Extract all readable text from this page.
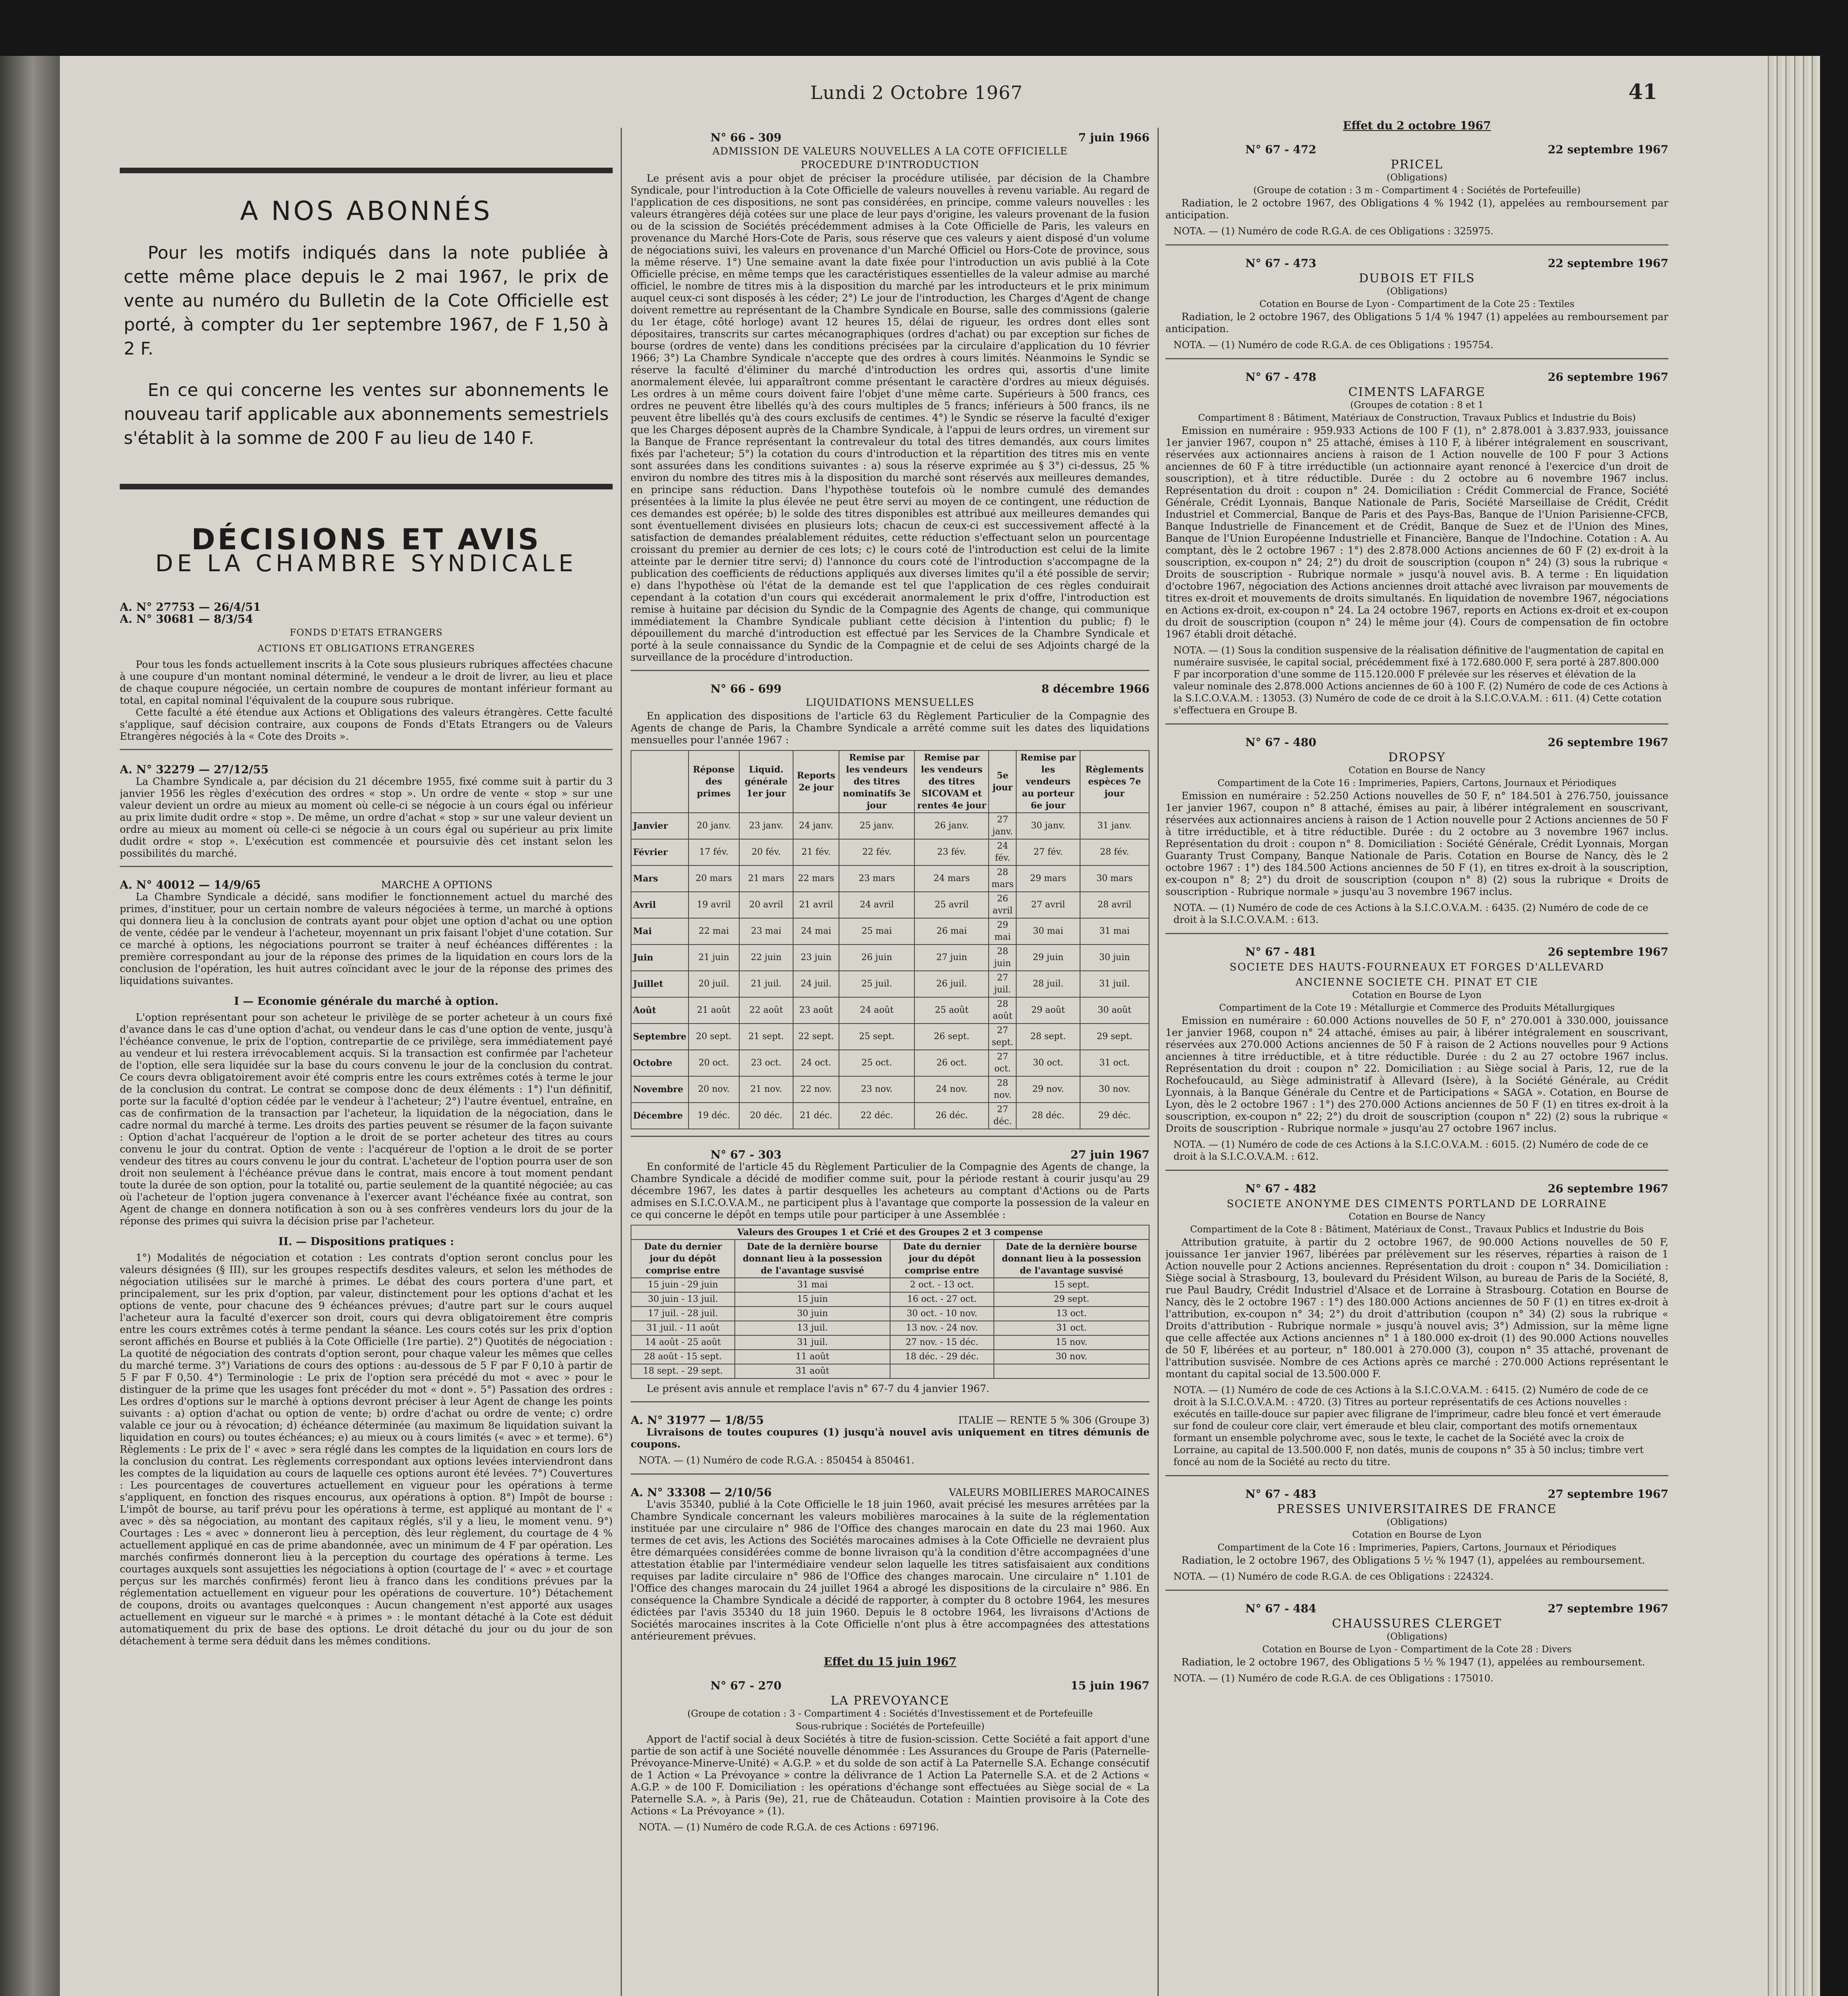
Lundi 2 Octobre 1967	41
A NOS ABONNÉS

Pour les motifs indiqués dans la note publiée à cette même place depuis le 2 mai 1967, le prix de vente au numéro du Bulletin de la Cote Officielle est porté, à compter du 1er septembre 1967, de F 1,50 à 2 F.

En ce qui concerne les ventes sur abonnements le nouveau tarif applicable aux abonnements semestriels s'établit à la somme de 200 F au lieu de 140 F.

DÉCISIONS ET AVIS
DE LA CHAMBRE SYNDICALE
A. N° 27753 — 26/4/51
A. N° 30681 — 8/3/54
FONDS D'ETATS ETRANGERS
ACTIONS ET OBLIGATIONS ETRANGERES

Pour tous les fonds actuellement inscrits à la Cote sous plusieurs rubriques affectées chacune à une coupure d'un montant nominal déterminé, le vendeur a le droit de livrer, au lieu et place de chaque coupure négociée, un certain nombre de coupures de montant inférieur formant au total, en capital nominal l'équivalent de la coupure sous rubrique.

Cette faculté a été étendue aux Actions et Obligations des valeurs étrangères. Cette faculté s'applique, sauf décision contraire, aux coupons de Fonds d'Etats Etrangers ou de Valeurs Etrangères négociés à la « Cote des Droits ».

A. N° 32279 — 27/12/55

La Chambre Syndicale a, par décision du 21 décembre 1955, fixé comme suit à partir du 3 janvier 1956 les règles d'exécution des ordres « stop ». Un ordre de vente « stop » sur une valeur devient un ordre au mieux au moment où celle-ci se négocie à un cours égal ou inférieur au prix limite dudit ordre « stop ». De même, un ordre d'achat « stop » sur une valeur devient un ordre au mieux au moment où celle-ci se négocie à un cours égal ou supérieur au prix limite dudit ordre « stop ». L'exécution est commencée et poursuivie dès cet instant selon les possibilités du marché.

A. N° 40012 — 14/9/65	MARCHE A OPTIONS

La Chambre Syndicale a décidé, sans modifier le fonctionnement actuel du marché des primes, d'instituer, pour un certain nombre de valeurs négociées à terme, un marché à options qui donnera lieu à la conclusion de contrats ayant pour objet une option d'achat ou une option de vente, cédée par le vendeur à l'acheteur, moyennant un prix faisant l'objet d'une cotation. Sur ce marché à options, les négociations pourront se traiter à neuf échéances différentes : la première correspondant au jour de la réponse des primes de la liquidation en cours lors de la conclusion de l'opération, les huit autres coïncidant avec le jour de la réponse des primes des liquidations suivantes.

I — Economie générale du marché à option.

L'option représentant pour son acheteur le privilège de se porter acheteur à un cours fixé d'avance dans le cas d'une option d'achat, ou vendeur dans le cas d'une option de vente, jusqu'à l'échéance convenue, le prix de l'option, contrepartie de ce privilège, sera immédiatement payé au vendeur et lui restera irrévocablement acquis. Si la transaction est confirmée par l'acheteur de l'option, elle sera liquidée sur la base du cours convenu le jour de la conclusion du contrat. Ce cours devra obligatoirement avoir été compris entre les cours extrêmes cotés à terme le jour de la conclusion du contrat. Le contrat se compose donc de deux éléments : 1°) l'un définitif, porte sur la faculté d'option cédée par le vendeur à l'acheteur; 2°) l'autre éventuel, entraîne, en cas de confirmation de la transaction par l'acheteur, la liquidation de la négociation, dans le cadre normal du marché à terme. Les droits des parties peuvent se résumer de la façon suivante : Option d'achat l'acquéreur de l'option a le droit de se porter acheteur des titres au cours convenu le jour du contrat. Option de vente : l'acquéreur de l'option a le droit de se porter vendeur des titres au cours convenu le jour du contrat. L'acheteur de l'option pourra user de son droit non seulement à l'échéance prévue dans le contrat, mais encore à tout moment pendant toute la durée de son option, pour la totalité ou, partie seulement de la quantité négociée; au cas où l'acheteur de l'option jugera convenance à l'exercer avant l'échéance fixée au contrat, son Agent de change en donnera notification à son ou à ses confrères vendeurs lors du jour de la réponse des primes qui suivra la décision prise par l'acheteur.

II. — Dispositions pratiques :

1°) Modalités de négociation et cotation : Les contrats d'option seront conclus pour les valeurs désignées (§ III), sur les groupes respectifs desdites valeurs, et selon les méthodes de négociation utilisées sur le marché à primes. Le débat des cours portera d'une part, et principalement, sur les prix d'option, par valeur, distinctement pour les options d'achat et les options de vente, pour chacune des 9 échéances prévues; d'autre part sur le cours auquel l'acheteur aura la faculté d'exercer son droit, cours qui devra obligatoirement être compris entre les cours extrêmes cotés à terme pendant la séance. Les cours cotés sur les prix d'option seront affichés en Bourse et publiés à la Cote Officielle (1re partie). 2°) Quotités de négociation : La quotité de négociation des contrats d'option seront, pour chaque valeur les mêmes que celles du marché terme. 3°) Variations de cours des options : au-dessous de 5 F par F 0,10 à partir de 5 F par F 0,50. 4°) Terminologie : Le prix de l'option sera précédé du mot « avec » pour le distinguer de la prime que les usages font précéder du mot « dont ». 5°) Passation des ordres : Les ordres d'options sur le marché à options devront préciser à leur Agent de change les points suivants : a) option d'achat ou option de vente; b) ordre d'achat ou ordre de vente; c) ordre valable ce jour ou à révocation; d) échéance déterminée (au maximum 8e liquidation suivant la liquidation en cours) ou toutes échéances; e) au mieux ou à cours limités (« avec » et terme). 6°) Règlements : Le prix de l' « avec » sera réglé dans les comptes de la liquidation en cours lors de la conclusion du contrat. Les règlements correspondant aux options levées interviendront dans les comptes de la liquidation au cours de laquelle ces options auront été levées. 7°) Couvertures : Les pourcentages de couvertures actuellement en vigueur pour les opérations à terme s'appliquent, en fonction des risques encourus, aux opérations à option. 8°) Impôt de bourse : L'impôt de bourse, au tarif prévu pour les opérations à terme, est appliqué au montant de l' « avec » dès sa négociation, au montant des capitaux réglés, s'il y a lieu, le moment venu. 9°) Courtages : Les « avec » donneront lieu à perception, dès leur règlement, du courtage de 4 % actuellement appliqué en cas de prime abandonnée, avec un minimum de 4 F par opération. Les marchés confirmés donneront lieu à la perception du courtage des opérations à terme. Les courtages auxquels sont assujetties les négociations à option (courtage de l' « avec » et courtage perçus sur les marchés confirmés) feront lieu à franco dans les conditions prévues par la réglementation actuellement en vigueur pour les opérations de couverture. 10°) Détachement de coupons, droits ou avantages quelconques : Aucun changement n'est apporté aux usages actuellement en vigueur sur le marché « à primes » : le montant détaché à la Cote est déduit automatiquement du prix de base des options. Le droit détaché du jour ou du jour de son détachement à terme sera déduit dans les mêmes conditions.

N° 66 - 309	7 juin 1966
ADMISSION DE VALEURS NOUVELLES A LA COTE OFFICIELLE
PROCEDURE D'INTRODUCTION

Le présent avis a pour objet de préciser la procédure utilisée, par décision de la Chambre Syndicale, pour l'introduction à la Cote Officielle de valeurs nouvelles à revenu variable. Au regard de l'application de ces dispositions, ne sont pas considérées, en principe, comme valeurs nouvelles : les valeurs étrangères déjà cotées sur une place de leur pays d'origine, les valeurs provenant de la fusion ou de la scission de Sociétés précédemment admises à la Cote Officielle de Paris, les valeurs en provenance du Marché Hors-Cote de Paris, sous réserve que ces valeurs y aient disposé d'un volume de négociations suivi, les valeurs en provenance d'un Marché Officiel ou Hors-Cote de province, sous la même réserve. 1°) Une semaine avant la date fixée pour l'introduction un avis publié à la Cote Officielle précise, en même temps que les caractéristiques essentielles de la valeur admise au marché officiel, le nombre de titres mis à la disposition du marché par les introducteurs et le prix minimum auquel ceux-ci sont disposés à les céder; 2°) Le jour de l'introduction, les Charges d'Agent de change doivent remettre au représentant de la Chambre Syndicale en Bourse, salle des commissions (galerie du 1er étage, côté horloge) avant 12 heures 15, délai de rigueur, les ordres dont elles sont dépositaires, transcrits sur cartes mécanographiques (ordres d'achat) ou par exception sur fiches de bourse (ordres de vente) dans les conditions précisées par la circulaire d'application du 10 février 1966; 3°) La Chambre Syndicale n'accepte que des ordres à cours limités. Néanmoins le Syndic se réserve la faculté d'éliminer du marché d'introduction les ordres qui, assortis d'une limite anormalement élevée, lui apparaîtront comme présentant le caractère d'ordres au mieux déguisés. Les ordres à un même cours doivent faire l'objet d'une même carte. Supérieurs à 500 francs, ces ordres ne peuvent être libellés qu'à des cours multiples de 5 francs; inférieurs à 500 francs, ils ne peuvent être libellés qu'à des cours exclusifs de centimes. 4°) le Syndic se réserve la faculté d'exiger que les Charges déposent auprès de la Chambre Syndicale, à l'appui de leurs ordres, un virement sur la Banque de France représentant la contrevaleur du total des titres demandés, aux cours limites fixés par l'acheteur; 5°) la cotation du cours d'introduction et la répartition des titres mis en vente sont assurées dans les conditions suivantes : a) sous la réserve exprimée au § 3°) ci-dessus, 25 % environ du nombre des titres mis à la disposition du marché sont réservés aux meilleures demandes, en principe sans réduction. Dans l'hypothèse toutefois où le nombre cumulé des demandes présentées à la limite la plus élevée ne peut être servi au moyen de ce contingent, une réduction de ces demandes est opérée; b) le solde des titres disponibles est attribué aux meilleures demandes qui sont éventuellement divisées en plusieurs lots; chacun de ceux-ci est successivement affecté à la satisfaction de demandes préalablement réduites, cette réduction s'effectuant selon un pourcentage croissant du premier au dernier de ces lots; c) le cours coté de l'introduction est celui de la limite atteinte par le dernier titre servi; d) l'annonce du cours coté de l'introduction s'accompagne de la publication des coefficients de réductions appliqués aux diverses limites qu'il a été possible de servir; e) dans l'hypothèse où l'état de la demande est tel que l'application de ces règles conduirait cependant à la cotation d'un cours qui excéderait anormalement le prix d'offre, l'introduction est remise à huitaine par décision du Syndic de la Compagnie des Agents de change, qui communique immédiatement la Chambre Syndicale publiant cette décision à l'intention du public; f) le dépouillement du marché d'introduction est effectué par les Services de la Chambre Syndicale et porté à la seule connaissance du Syndic de la Compagnie et de celui de ses Adjoints chargé de la surveillance de la procédure d'introduction.

N° 66 - 699	8 décembre 1966
LIQUIDATIONS MENSUELLES

En application des dispositions de l'article 63 du Règlement Particulier de la Compagnie des Agents de change de Paris, la Chambre Syndicale a arrêté comme suit les dates des liquidations mensuelles pour l'année 1967 :

	Réponse des primes	Liquid. générale 1er jour	Reports 2e jour	Remise par les vendeurs des titres nominatifs 3e jour	Remise par les vendeurs des titres SICOVAM et rentes 4e jour	5e jour	Remise par les vendeurs au porteur 6e jour	Règlements espèces 7e jour
Janvier	20 janv.	23 janv.	24 janv.	25 janv.	26 janv.	27 janv.	30 janv.	31 janv.
Février	17 fév.	20 fév.	21 fév.	22 fév.	23 fév.	24 fév.	27 fév.	28 fév.
Mars	20 mars	21 mars	22 mars	23 mars	24 mars	28 mars	29 mars	30 mars
Avril	19 avril	20 avril	21 avril	24 avril	25 avril	26 avril	27 avril	28 avril
Mai	22 mai	23 mai	24 mai	25 mai	26 mai	29 mai	30 mai	31 mai
Juin	21 juin	22 juin	23 juin	26 juin	27 juin	28 juin	29 juin	30 juin
Juillet	20 juil.	21 juil.	24 juil.	25 juil.	26 juil.	27 juil.	28 juil.	31 juil.
Août	21 août	22 août	23 août	24 août	25 août	28 août	29 août	30 août
Septembre	20 sept.	21 sept.	22 sept.	25 sept.	26 sept.	27 sept.	28 sept.	29 sept.
Octobre	20 oct.	23 oct.	24 oct.	25 oct.	26 oct.	27 oct.	30 oct.	31 oct.
Novembre	20 nov.	21 nov.	22 nov.	23 nov.	24 nov.	28 nov.	29 nov.	30 nov.
Décembre	19 déc.	20 déc.	21 déc.	22 déc.	26 déc.	27 déc.	28 déc.	29 déc.
N° 67 - 303	27 juin 1967

En conformité de l'article 45 du Règlement Particulier de la Compagnie des Agents de change, la Chambre Syndicale a décidé de modifier comme suit, pour la période restant à courir jusqu'au 29 décembre 1967, les dates à partir desquelles les acheteurs au comptant d'Actions ou de Parts admises en S.I.C.O.V.A.M., ne participent plus à l'avantage que comporte la possession de la valeur en ce qui concerne le dépôt en temps utile pour participer à une Assemblée :

Valeurs des Groupes 1 et Crié et des Groupes 2 et 3 compense			
Date du dernier jour du dépôt comprise entre	Date de la dernière bourse donnant lieu à la possession de l'avantage susvisé	Date du dernier jour du dépôt comprise entre	Date de la dernière bourse donnant lieu à la possession de l'avantage susvisé
15 juin - 29 juin	31 mai	2 oct. - 13 oct.	15 sept.
30 juin - 13 juil.	15 juin	16 oct. - 27 oct.	29 sept.
17 juil. - 28 juil.	30 juin	30 oct. - 10 nov.	13 oct.
31 juil. - 11 août	13 juil.	13 nov. - 24 nov.	31 oct.
14 août - 25 août	31 juil.	27 nov. - 15 déc.	15 nov.
28 août - 15 sept.	11 août	18 déc. - 29 déc.	30 nov.
18 sept. - 29 sept.	31 août		

Le présent avis annule et remplace l'avis n° 67-7 du 4 janvier 1967.

A. N° 31977 — 1/8/55	ITALIE — RENTE 5 % 306 (Groupe 3)

Livraisons de toutes coupures (1) jusqu'à nouvel avis uniquement en titres démunis de coupons.

NOTA. — (1) Numéro de code R.G.A. : 850454 à 850461.
A. N° 33308 — 2/10/56	VALEURS MOBILIERES MAROCAINES

L'avis 35340, publié à la Cote Officielle le 18 juin 1960, avait précisé les mesures arrêtées par la Chambre Syndicale concernant les valeurs mobilières marocaines à la suite de la réglementation instituée par une circulaire n° 986 de l'Office des changes marocain en date du 23 mai 1960. Aux termes de cet avis, les Actions des Sociétés marocaines admises à la Cote Officielle ne devraient plus être démarquées considérées comme de bonne livraison qu'à la condition d'être accompagnées d'une attestation établie par l'intermédiaire vendeur selon laquelle les titres satisfaisaient aux conditions requises par ladite circulaire n° 986 de l'Office des changes marocain. Une circulaire n° 1.101 de l'Office des changes marocain du 24 juillet 1964 a abrogé les dispositions de la circulaire n° 986. En conséquence la Chambre Syndicale a décidé de rapporter, à compter du 8 octobre 1964, les mesures édictées par l'avis 35340 du 18 juin 1960. Depuis le 8 octobre 1964, les livraisons d'Actions de Sociétés marocaines inscrites à la Cote Officielle n'ont plus à être accompagnées des attestations antérieurement prévues.

Effet du 15 juin 1967
N° 67 - 270	15 juin 1967
LA PREVOYANCE
(Groupe de cotation : 3 - Compartiment 4 : Sociétés d'Investissement et de Portefeuille
Sous-rubrique : Sociétés de Portefeuille)

Apport de l'actif social à deux Sociétés à titre de fusion-scission. Cette Société a fait apport d'une partie de son actif à une Société nouvelle dénommée : Les Assurances du Groupe de Paris (Paternelle-Prévoyance-Minerve-Unité) « A.G.P. » et du solde de son actif à La Paternelle S.A. Echange consécutif de 1 Action « La Prévoyance » contre la délivrance de 1 Action La Paternelle S.A. et de 2 Actions « A.G.P. » de 100 F. Domiciliation : les opérations d'échange sont effectuées au Siège social de « La Paternelle S.A. », à Paris (9e), 21, rue de Châteaudun. Cotation : Maintien provisoire à la Cote des Actions « La Prévoyance » (1).

NOTA. — (1) Numéro de code R.G.A. de ces Actions : 697196.
Effet du 2 octobre 1967
N° 67 - 472	22 septembre 1967
PRICEL
(Obligations)
(Groupe de cotation : 3 m - Compartiment 4 : Sociétés de Portefeuille)

Radiation, le 2 octobre 1967, des Obligations 4 % 1942 (1), appelées au remboursement par anticipation.

NOTA. — (1) Numéro de code R.G.A. de ces Obligations : 325975.
N° 67 - 473	22 septembre 1967
DUBOIS ET FILS
(Obligations)
Cotation en Bourse de Lyon - Compartiment de la Cote 25 : Textiles

Radiation, le 2 octobre 1967, des Obligations 5 1/4 % 1947 (1) appelées au remboursement par anticipation.

NOTA. — (1) Numéro de code R.G.A. de ces Obligations : 195754.
N° 67 - 478	26 septembre 1967
CIMENTS LAFARGE
(Groupes de cotation : 8 et 1
Compartiment 8 : Bâtiment, Matériaux de Construction, Travaux Publics et Industrie du Bois)

Emission en numéraire : 959.933 Actions de 100 F (1), n° 2.878.001 à 3.837.933, jouissance 1er janvier 1967, coupon n° 25 attaché, émises à 110 F, à libérer intégralement en souscrivant, réservées aux actionnaires anciens à raison de 1 Action nouvelle de 100 F pour 3 Actions anciennes de 60 F à titre irréductible (un actionnaire ayant renoncé à l'exercice d'un droit de souscription), et à titre réductible. Durée : du 2 octobre au 6 novembre 1967 inclus. Représentation du droit : coupon n° 24. Domiciliation : Crédit Commercial de France, Société Générale, Crédit Lyonnais, Banque Nationale de Paris, Société Marseillaise de Crédit, Crédit Industriel et Commercial, Banque de Paris et des Pays-Bas, Banque de l'Union Parisienne-CFCB, Banque Industrielle de Financement et de Crédit, Banque de Suez et de l'Union des Mines, Banque de l'Union Européenne Industrielle et Financière, Banque de l'Indochine. Cotation : A. Au comptant, dès le 2 octobre 1967 : 1°) des 2.878.000 Actions anciennes de 60 F (2) ex-droit à la souscription, ex-coupon n° 24; 2°) du droit de souscription (coupon n° 24) (3) sous la rubrique « Droits de souscription - Rubrique normale » jusqu'à nouvel avis. B. A terme : En liquidation d'octobre 1967, négociation des Actions anciennes droit attaché avec livraison par mouvements de titres ex-droit et mouvements de droits simultanés. En liquidation de novembre 1967, négociations en Actions ex-droit, ex-coupon n° 24. La 24 octobre 1967, reports en Actions ex-droit et ex-coupon du droit de souscription (coupon n° 24) le même jour (4). Cours de compensation de fin octobre 1967 établi droit détaché.

NOTA. — (1) Sous la condition suspensive de la réalisation définitive de l'augmentation de capital en numéraire susvisée, le capital social, précédemment fixé à 172.680.000 F, sera porté à 287.800.000 F par incorporation d'une somme de 115.120.000 F prélevée sur les réserves et élévation de la valeur nominale des 2.878.000 Actions anciennes de 60 à 100 F. (2) Numéro de code de ces Actions à la S.I.C.O.V.A.M. : 13053. (3) Numéro de code de ce droit à la S.I.C.O.V.A.M. : 611. (4) Cette cotation s'effectuera en Groupe B.
N° 67 - 480	26 septembre 1967
DROPSY
Cotation en Bourse de Nancy
Compartiment de la Cote 16 : Imprimeries, Papiers, Cartons, Journaux et Périodiques

Emission en numéraire : 52.250 Actions nouvelles de 50 F, n° 184.501 à 276.750, jouissance 1er janvier 1967, coupon n° 8 attaché, émises au pair, à libérer intégralement en souscrivant, réservées aux actionnaires anciens à raison de 1 Action nouvelle pour 2 Actions anciennes de 50 F à titre irréductible, et à titre réductible. Durée : du 2 octobre au 3 novembre 1967 inclus. Représentation du droit : coupon n° 8. Domiciliation : Société Générale, Crédit Lyonnais, Morgan Guaranty Trust Company, Banque Nationale de Paris. Cotation en Bourse de Nancy, dès le 2 octobre 1967 : 1°) des 184.500 Actions anciennes de 50 F (1), en titres ex-droit à la souscription, ex-coupon n° 8; 2°) du droit de souscription (coupon n° 8) (2) sous la rubrique « Droits de souscription - Rubrique normale » jusqu'au 3 novembre 1967 inclus.

NOTA. — (1) Numéro de code de ces Actions à la S.I.C.O.V.A.M. : 6435. (2) Numéro de code de ce droit à la S.I.C.O.V.A.M. : 613.
N° 67 - 481	26 septembre 1967
SOCIETE DES HAUTS-FOURNEAUX ET FORGES D'ALLEVARD
ANCIENNE SOCIETE CH. PINAT ET CIE
Cotation en Bourse de Lyon
Compartiment de la Cote 19 : Métallurgie et Commerce des Produits Métallurgiques

Emission en numéraire : 60.000 Actions nouvelles de 50 F, n° 270.001 à 330.000, jouissance 1er janvier 1968, coupon n° 24 attaché, émises au pair, à libérer intégralement en souscrivant, réservées aux 270.000 Actions anciennes de 50 F à raison de 2 Actions nouvelles pour 9 Actions anciennes à titre irréductible, et à titre réductible. Durée : du 2 au 27 octobre 1967 inclus. Représentation du droit : coupon n° 22. Domiciliation : au Siège social à Paris, 12, rue de la Rochefoucauld, au Siège administratif à Allevard (Isère), à la Société Générale, au Crédit Lyonnais, à la Banque Générale du Centre et de Participations « SAGA ». Cotation, en Bourse de Lyon, dès le 2 octobre 1967 : 1°) des 270.000 Actions anciennes de 50 F (1) en titres ex-droit à la souscription, ex-coupon n° 22; 2°) du droit de souscription (coupon n° 22) (2) sous la rubrique « Droits de souscription - Rubrique normale » jusqu'au 27 octobre 1967 inclus.

NOTA. — (1) Numéro de code de ces Actions à la S.I.C.O.V.A.M. : 6015. (2) Numéro de code de ce droit à la S.I.C.O.V.A.M. : 612.
N° 67 - 482	26 septembre 1967
SOCIETE ANONYME DES CIMENTS PORTLAND DE LORRAINE
Cotation en Bourse de Nancy
Compartiment de la Cote 8 : Bâtiment, Matériaux de Const., Travaux Publics et Industrie du Bois

Attribution gratuite, à partir du 2 octobre 1967, de 90.000 Actions nouvelles de 50 F, jouissance 1er janvier 1967, libérées par prélèvement sur les réserves, réparties à raison de 1 Action nouvelle pour 2 Actions anciennes. Représentation du droit : coupon n° 34. Domiciliation : Siège social à Strasbourg, 13, boulevard du Président Wilson, au bureau de Paris de la Société, 8, rue Paul Baudry, Crédit Industriel d'Alsace et de Lorraine à Strasbourg. Cotation en Bourse de Nancy, dès le 2 octobre 1967 : 1°) des 180.000 Actions anciennes de 50 F (1) en titres ex-droit à l'attribution, ex-coupon n° 34; 2°) du droit d'attribution (coupon n° 34) (2) sous la rubrique « Droits d'attribution - Rubrique normale » jusqu'à nouvel avis; 3°) Admission, sur la même ligne que celle affectée aux Actions anciennes n° 1 à 180.000 ex-droit (1) des 90.000 Actions nouvelles de 50 F, libérées et au porteur, n° 180.001 à 270.000 (3), coupon n° 35 attaché, provenant de l'attribution susvisée. Nombre de ces Actions après ce marché : 270.000 Actions représentant le montant du capital social de 13.500.000 F.

NOTA. — (1) Numéro de code de ces Actions à la S.I.C.O.V.A.M. : 6415. (2) Numéro de code de ce droit à la S.I.C.O.V.A.M. : 4720. (3) Titres au porteur représentatifs de ces Actions nouvelles : exécutés en taille-douce sur papier avec filigrane de l'imprimeur, cadre bleu foncé et vert émeraude sur fond de couleur core clair, vert émeraude et bleu clair, comportant des motifs ornementaux formant un ensemble polychrome avec, sous le texte, le cachet de la Société avec la croix de Lorraine, au capital de 13.500.000 F, non datés, munis de coupons n° 35 à 50 inclus; timbre vert foncé au nom de la Société au recto du titre.
N° 67 - 483	27 septembre 1967
PRESSES UNIVERSITAIRES DE FRANCE
(Obligations)
Cotation en Bourse de Lyon
Compartiment de la Cote 16 : Imprimeries, Papiers, Cartons, Journaux et Périodiques

Radiation, le 2 octobre 1967, des Obligations 5 ½ % 1947 (1), appelées au remboursement.

NOTA. — (1) Numéro de code R.G.A. de ces Obligations : 224324.
N° 67 - 484	27 septembre 1967
CHAUSSURES CLERGET
(Obligations)
Cotation en Bourse de Lyon - Compartiment de la Cote 28 : Divers

Radiation, le 2 octobre 1967, des Obligations 5 ½ % 1947 (1), appelées au remboursement.

NOTA. — (1) Numéro de code R.G.A. de ces Obligations : 175010.
